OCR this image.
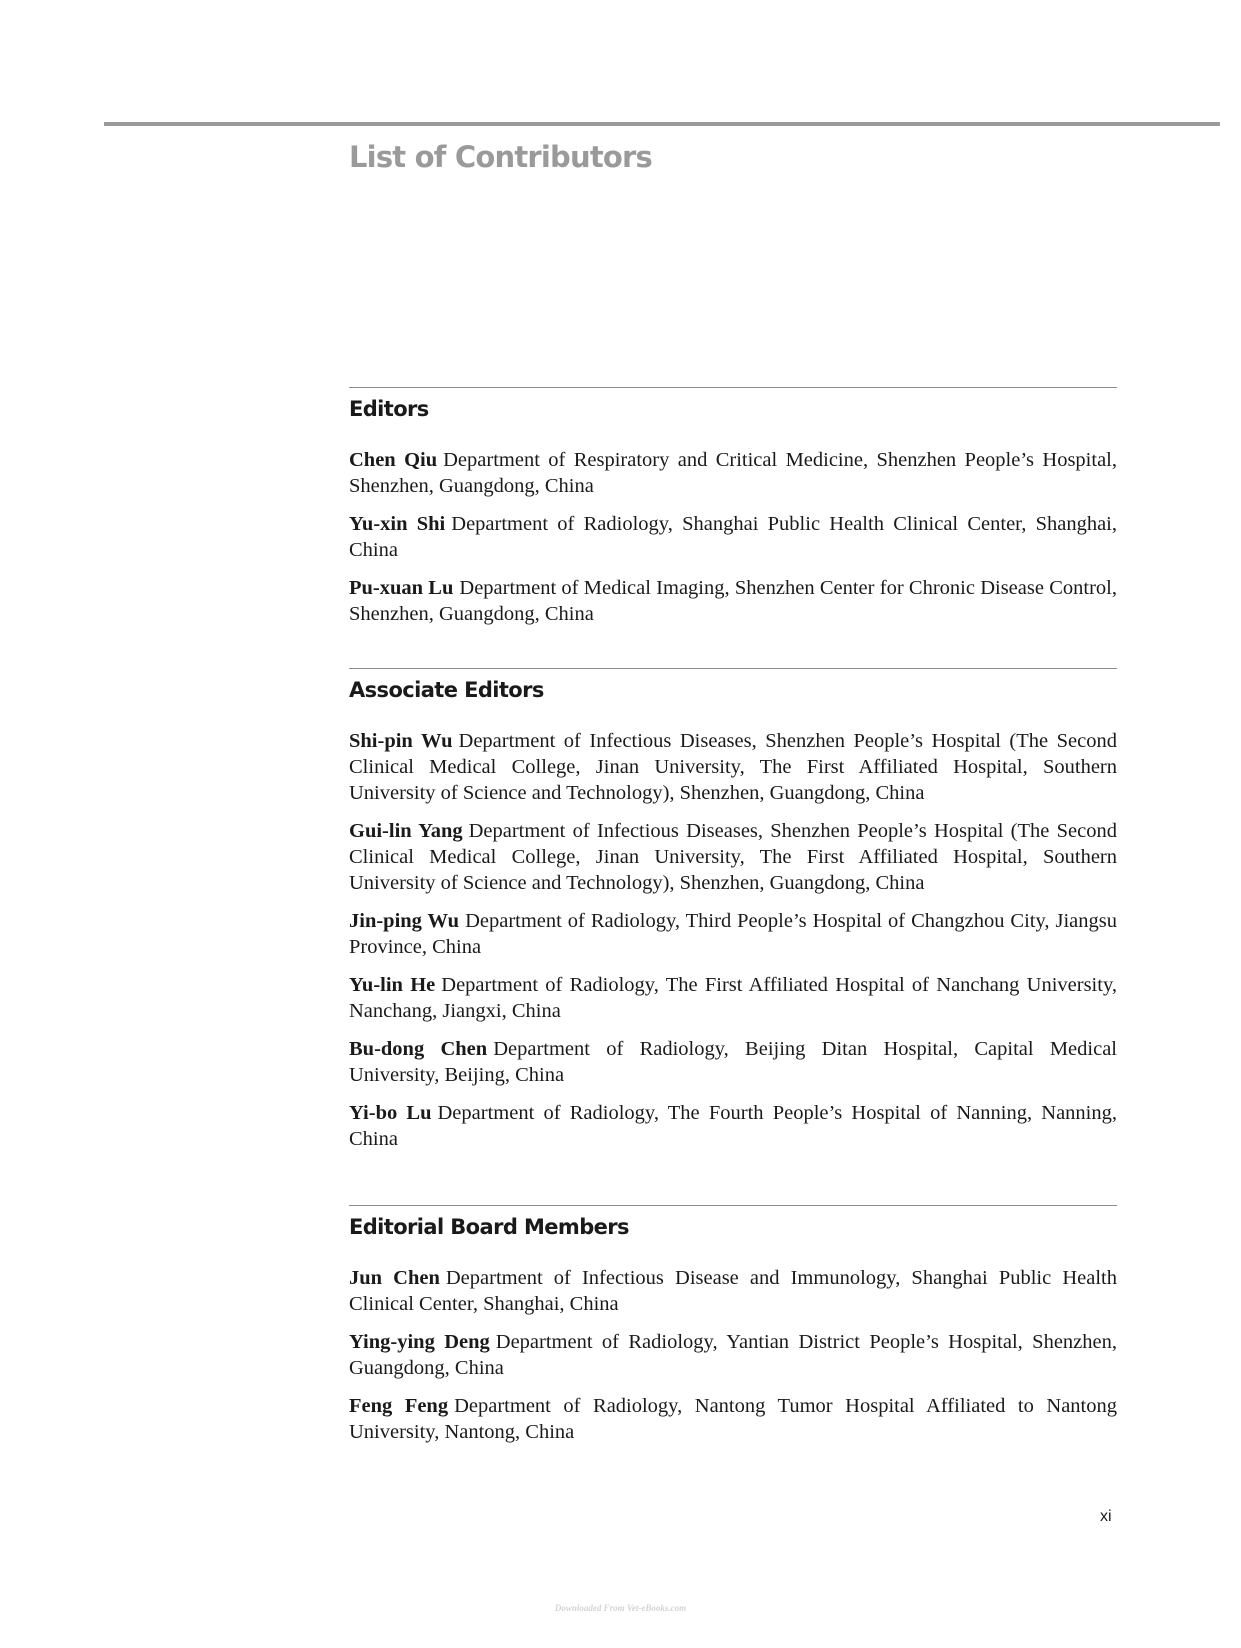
List of Contributors
Editors

Chen Qiu Department of Respiratory and Critical Medicine, Shenzhen People’s Hospital, Shenzhen, Guangdong, China

Yu-xin Shi Department of Radiology, Shanghai Public Health Clinical Center, Shanghai, China

Pu-xuan Lu Department of Medical Imaging, Shenzhen Center for Chronic Disease Control, Shenzhen, Guangdong, China

Associate Editors

Shi-pin Wu Department of Infectious Diseases, Shenzhen People’s Hospital (The Second Clinical Medical College, Jinan University, The First Affiliated Hospital, Southern University of Science and Technology), Shenzhen, Guangdong, China

Gui-lin Yang Department of Infectious Diseases, Shenzhen People’s Hospital (The Second Clinical Medical College, Jinan University, The First Affiliated Hospital, Southern University of Science and Technology), Shenzhen, Guangdong, China

Jin-ping Wu Department of Radiology, Third People’s Hospital of Changzhou City, Jiangsu Province, China

Yu-lin He Department of Radiology, The First Affiliated Hospital of Nanchang University, Nanchang, Jiangxi, China

Bu-dong Chen Department of Radiology, Beijing Ditan Hospital, Capital Medical University, Beijing, China

Yi-bo Lu Department of Radiology, The Fourth People’s Hospital of Nanning, Nanning, China

Editorial Board Members

Jun Chen Department of Infectious Disease and Immunology, Shanghai Public Health Clinical Center, Shanghai, China

Ying-ying Deng Department of Radiology, Yantian District People’s Hospital, Shenzhen, Guangdong, China

Feng Feng Department of Radiology, Nantong Tumor Hospital Affiliated to Nantong University, Nantong, China

xi
Downloaded From Vet-eBooks.com
